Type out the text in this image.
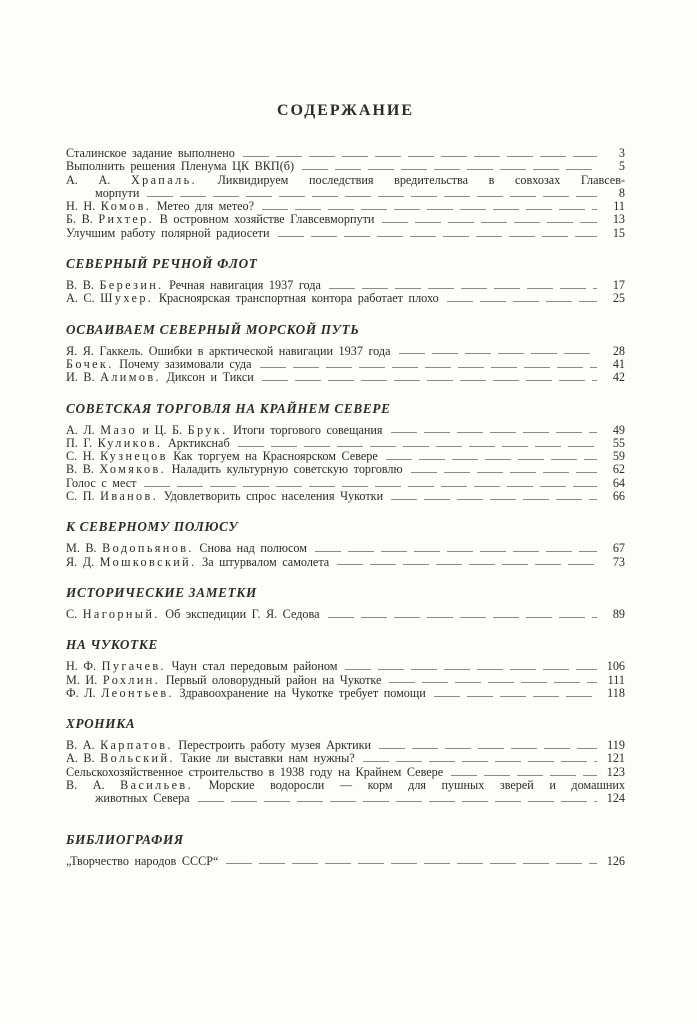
СОДЕРЖАНИЕ
Сталинское задание выполнено	3
Выполнить решения Пленума ЦК ВКП(б)	5
А. А. Храпаль. Ликвидируем последствия вредительства в совхозах Главсев-
морпути	8
Н. Н. Комов. Метео для метео?	11
Б. В. Рихтер. В островном хозяйстве Главсевморпути	13
Улучшим работу полярной радиосети	15
СЕВЕРНЫЙ РЕЧНОЙ ФЛОТ
В. В. Березин. Речная навигация 1937 года	17
А. С. Шухер. Красноярская транспортная контора работает плохо	25
ОСВАИВАЕМ СЕВЕРНЫЙ МОРСКОЙ ПУТЬ
Я. Я. Гаккель. Ошибки в арктической навигации 1937 года	28
Бочек. Почему зазимовали суда	41
И. В. Алимов. Диксон и Тикси	42
СОВЕТСКАЯ ТОРГОВЛЯ НА КРАЙНЕМ СЕВЕРЕ
А. Л. Мазо и Ц. Б. Брук. Итоги торгового совещания	49
П. Г. Куликов. Арктикснаб	55
С. Н. Кузнецов Как торгуем на Красноярском Севере	59
В. В. Хомяков. Наладить культурную советскую торговлю	62
Голос с мест	64
С. П. Иванов. Удовлетворить спрос населения Чукотки	66
К СЕВЕРНОМУ ПОЛЮСУ
М. В. Водопьянов. Снова над полюсом	67
Я. Д. Мошковский. За штурвалом самолета	73
ИСТОРИЧЕСКИЕ ЗАМЕТКИ
С. Нагорный. Об экспедиции Г. Я. Седова	89
НА ЧУКОТКЕ
Н. Ф. Пугачев. Чаун стал передовым районом	106
М. И. Рохлин. Первый оловорудный район на Чукотке	111
Ф. Л. Леонтьев. Здравоохранение на Чукотке требует помощи	118
ХРОНИКА
В. А. Карпатов. Перестроить работу музея Арктики	119
А. В. Вольский. Такие ли выставки нам нужны?	121
Сельскохозяйственное строительство в 1938 году на Крайнем Севере	123
В. А. Васильев. Морские водоросли — корм для пушных зверей и домашних
животных Севера	124
БИБЛИОГРАФИЯ
„Творчество народов СССР“	126
